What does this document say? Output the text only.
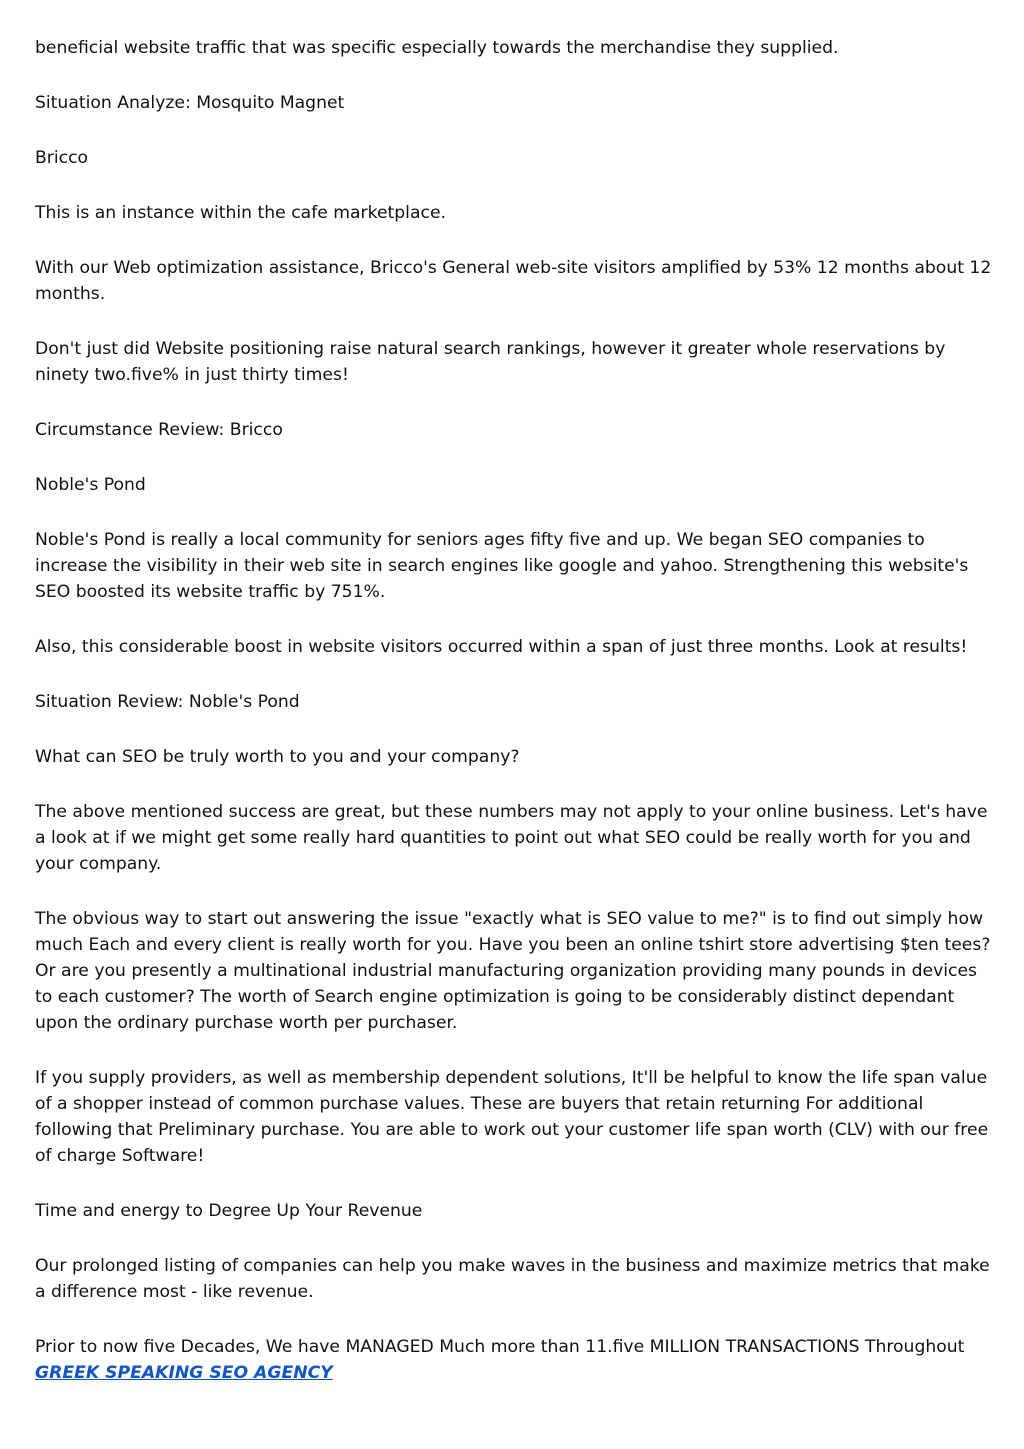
beneficial website traffic that was specific especially towards the merchandise they supplied.

Situation Analyze: Mosquito Magnet

Bricco

This is an instance within the cafe marketplace.

With our Web optimization assistance, Bricco's General web-site visitors amplified by 53% 12 months about 12 months.

Don't just did Website positioning raise natural search rankings, however it greater whole reservations by ninety two.five% in just thirty times!

Circumstance Review: Bricco

Noble's Pond

Noble's Pond is really a local community for seniors ages fifty five and up. We began SEO companies to increase the visibility in their web site in search engines like google and yahoo. Strengthening this website's SEO boosted its website traffic by 751%.

Also, this considerable boost in website visitors occurred within a span of just three months. Look at results!

Situation Review: Noble's Pond

What can SEO be truly worth to you and your company?

The above mentioned success are great, but these numbers may not apply to your online business. Let's have a look at if we might get some really hard quantities to point out what SEO could be really worth for you and your company.

The obvious way to start out answering the issue "exactly what is SEO value to me?" is to find out simply how much Each and every client is really worth for you. Have you been an online tshirt store advertising $ten tees? Or are you presently a multinational industrial manufacturing organization providing many pounds in devices to each customer? The worth of Search engine optimization is going to be considerably distinct dependant upon the ordinary purchase worth per purchaser.

If you supply providers, as well as membership dependent solutions, It'll be helpful to know the life span value of a shopper instead of common purchase values. These are buyers that retain returning For additional following that Preliminary purchase. You are able to work out your customer life span worth (CLV) with our free of charge Software!

Time and energy to Degree Up Your Revenue

Our prolonged listing of companies can help you make waves in the business and maximize metrics that make a difference most - like revenue.

Prior to now five Decades, We have MANAGED Much more than 11.five MILLION TRANSACTIONS Throughout
GREEK SPEAKING SEO AGENCY
